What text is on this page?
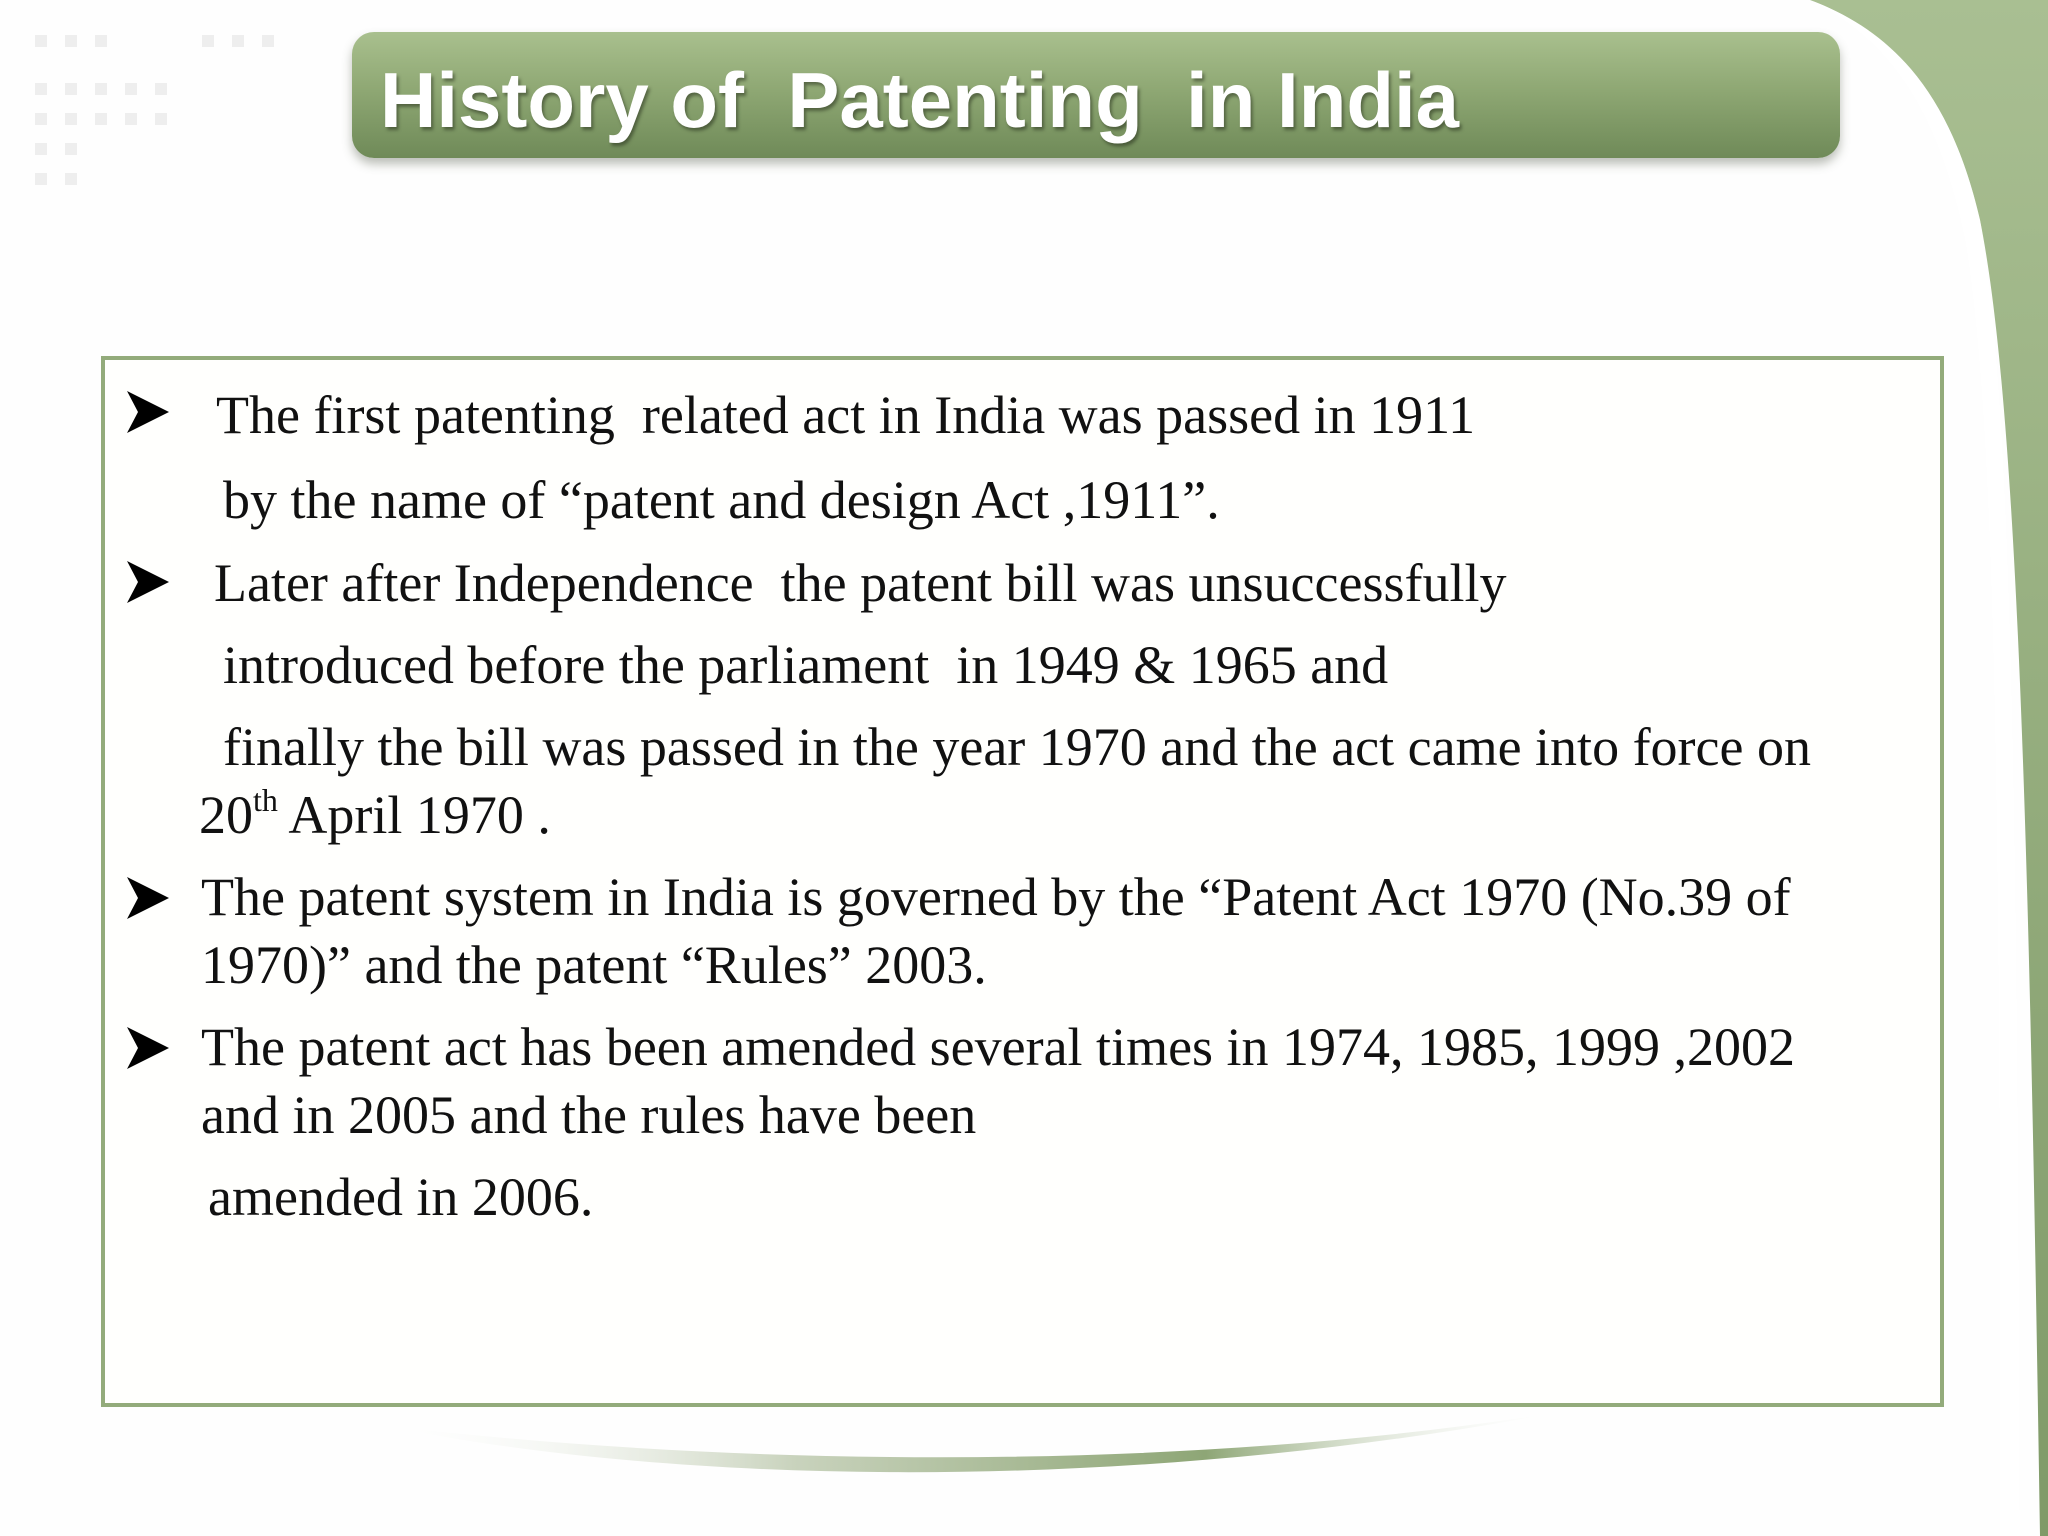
History of  Patenting  in India
The first patenting  related act in India was passed in 1911
by the name of “patent and design Act ,1911”.
Later after Independence  the patent bill was unsuccessfully
introduced before the parliament  in 1949 & 1965 and
finally the bill was passed in the year 1970 and the act came into force on
20th April 1970 .
The patent system in India is governed by the “Patent Act 1970 (No.39 of
1970)” and the patent “Rules” 2003.
The patent act has been amended several times in 1974, 1985, 1999 ,2002
and in 2005 and the rules have been
amended in 2006.
